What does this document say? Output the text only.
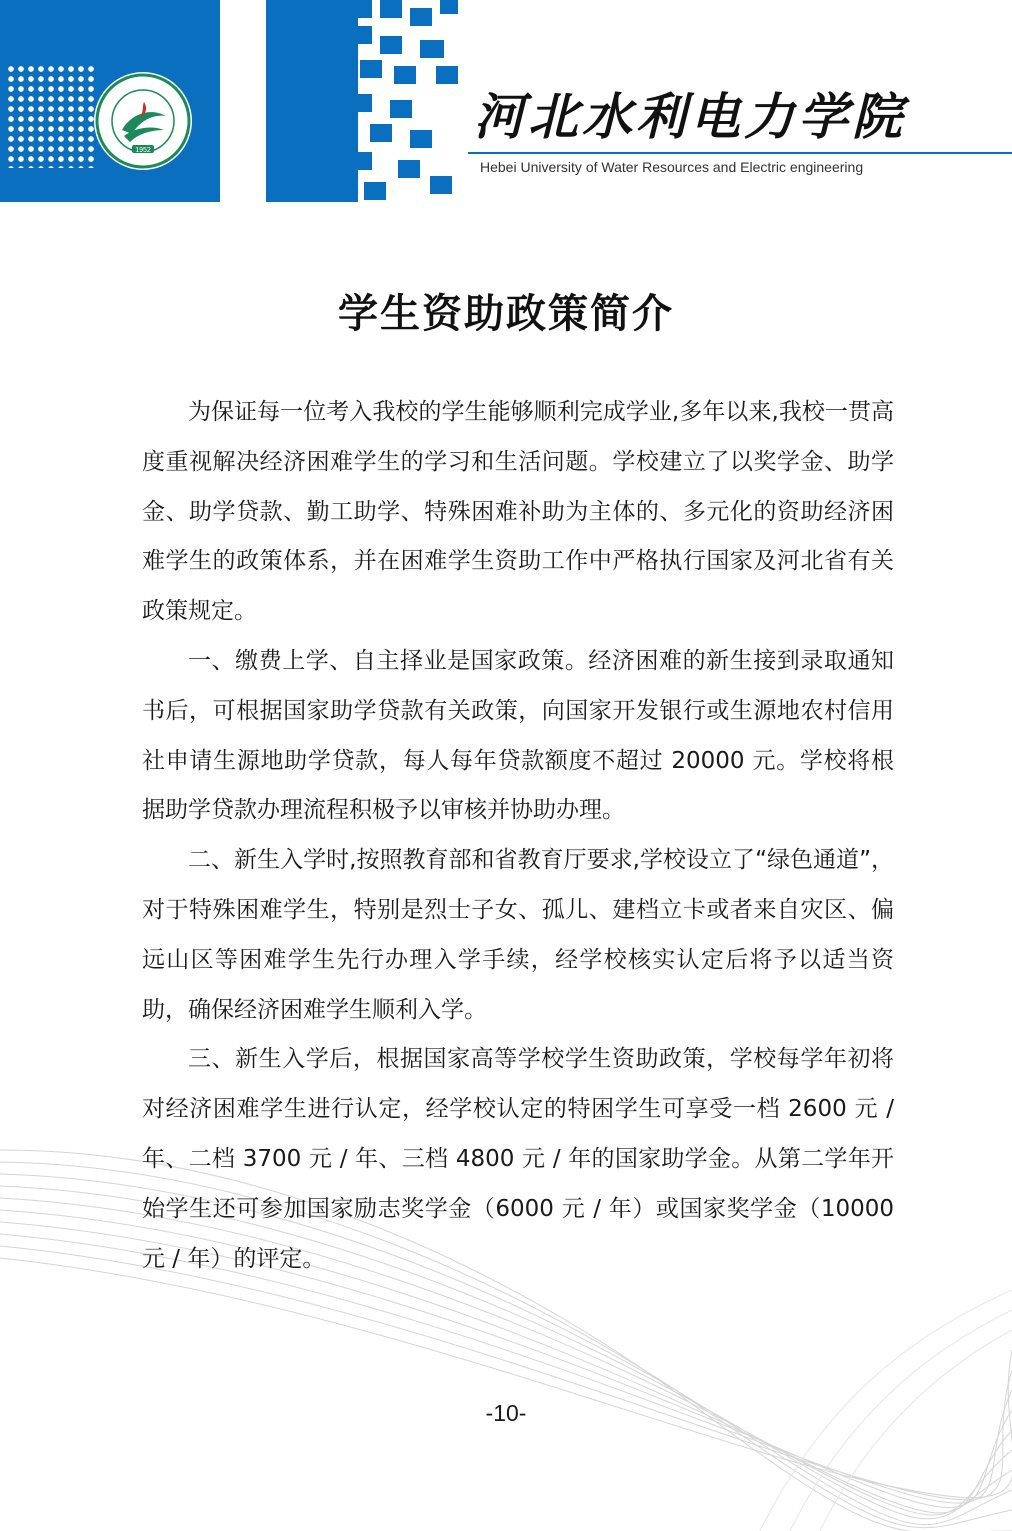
1952
河北水利电力学院
Hebei University of Water Resources and Electric engineering
学生资助政策简介

为保证每一位考入我校的学生能够顺利完成学业,多年以来,我校一贯高度重视解决经济困难学生的学习和生活问题。学校建立了以奖学金、助学金、助学贷款、勤工助学、特殊困难补助为主体的、多元化的资助经济困难学生的政策体系，并在困难学生资助工作中严格执行国家及河北省有关政策规定。

一、缴费上学、自主择业是国家政策。经济困难的新生接到录取通知书后，可根据国家助学贷款有关政策，向国家开发银行或生源地农村信用社申请生源地助学贷款，每人每年贷款额度不超过 20000 元。学校将根据助学贷款办理流程积极予以审核并协助办理。

二、新生入学时,按照教育部和省教育厅要求,学校设立了“绿色通道”，对于特殊困难学生，特别是烈士子女、孤儿、建档立卡或者来自灾区、偏远山区等困难学生先行办理入学手续，经学校核实认定后将予以适当资助，确保经济困难学生顺利入学。

三、新生入学后，根据国家高等学校学生资助政策，学校每学年初将对经济困难学生进行认定，经学校认定的特困学生可享受一档 2600 元 / 年、二档 3700 元 / 年、三档 4800 元 / 年的国家助学金。从第二学年开始学生还可参加国家励志奖学金（6000 元 / 年）或国家奖学金（10000 元 / 年）的评定。

-10-
